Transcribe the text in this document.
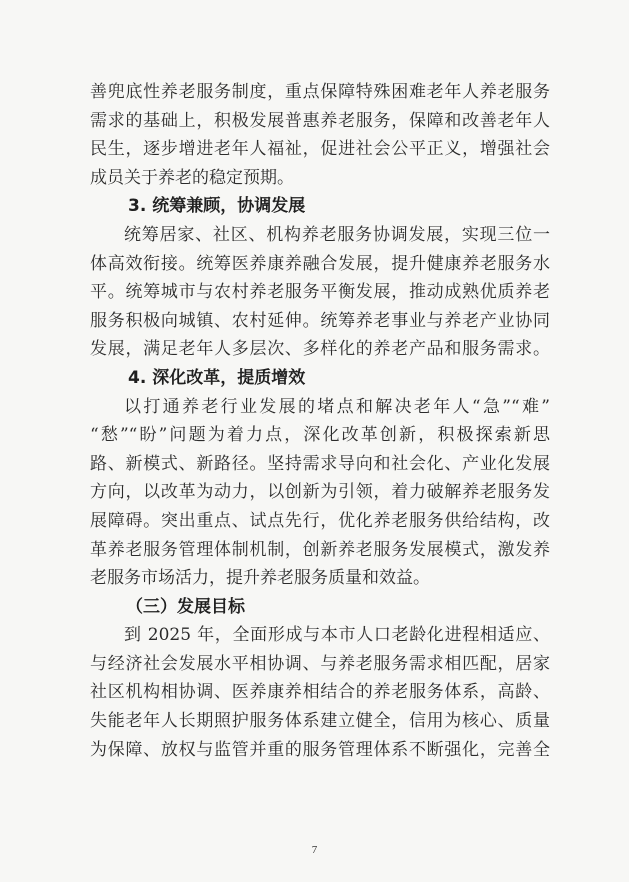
善兜底性养老服务制度，重点保障特殊困难老年人养老服务
需求的基础上，积极发展普惠养老服务，保障和改善老年人
民生，逐步增进老年人福祉，促进社会公平正义，增强社会
成员关于养老的稳定预期。
3. 统筹兼顾，协调发展
统筹居家、社区、机构养老服务协调发展，实现三位一
体高效衔接。统筹医养康养融合发展，提升健康养老服务水
平。统筹城市与农村养老服务平衡发展，推动成熟优质养老
服务积极向城镇、农村延伸。统筹养老事业与养老产业协同
发展，满足老年人多层次、多样化的养老产品和服务需求。
4. 深化改革，提质增效
以打通养老行业发展的堵点和解决老年人“急”“难”
“愁”“盼”问题为着力点，深化改革创新，积极探索新思
路、新模式、新路径。坚持需求导向和社会化、产业化发展
方向，以改革为动力，以创新为引领，着力破解养老服务发
展障碍。突出重点、试点先行，优化养老服务供给结构，改
革养老服务管理体制机制，创新养老服务发展模式，激发养
老服务市场活力，提升养老服务质量和效益。
（三）发展目标
到 2025 年，全面形成与本市人口老龄化进程相适应、
与经济社会发展水平相协调、与养老服务需求相匹配，居家
社区机构相协调、医养康养相结合的养老服务体系，高龄、
失能老年人长期照护服务体系建立健全，信用为核心、质量
为保障、放权与监管并重的服务管理体系不断强化，完善全
7
